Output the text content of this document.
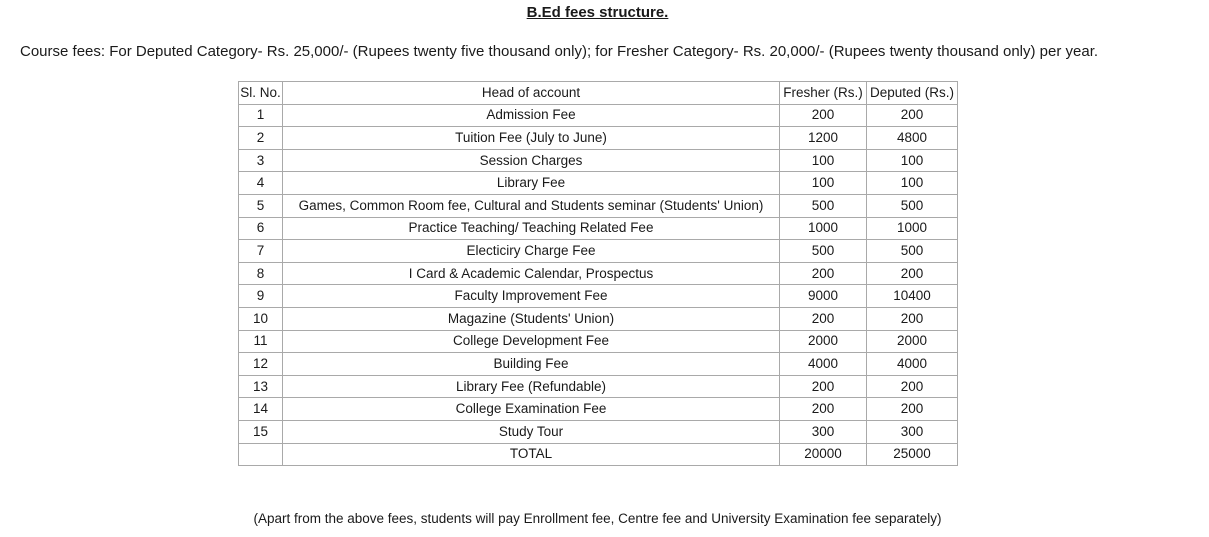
B.Ed fees structure.
Course fees: For Deputed Category- Rs. 25,000/- (Rupees twenty five thousand only); for Fresher Category- Rs. 20,000/- (Rupees twenty thousand only) per year.
Sl. No.	Head of account	Fresher (Rs.)	Deputed (Rs.)
1	Admission Fee	200	200
2	Tuition Fee (July to June)	1200	4800
3	Session Charges	100	100
4	Library Fee	100	100
5	Games, Common Room fee, Cultural and Students seminar (Students' Union)	500	500
6	Practice Teaching/ Teaching Related Fee	1000	1000
7	Electiciry Charge Fee	500	500
8	I Card & Academic Calendar, Prospectus	200	200
9	Faculty Improvement Fee	9000	10400
10	Magazine (Students' Union)	200	200
11	College Development Fee	2000	2000
12	Building Fee	4000	4000
13	Library Fee (Refundable)	200	200
14	College Examination Fee	200	200
15	Study Tour	300	300
	TOTAL	20000	25000
(Apart from the above fees, students will pay Enrollment fee, Centre fee and University Examination fee separately)
